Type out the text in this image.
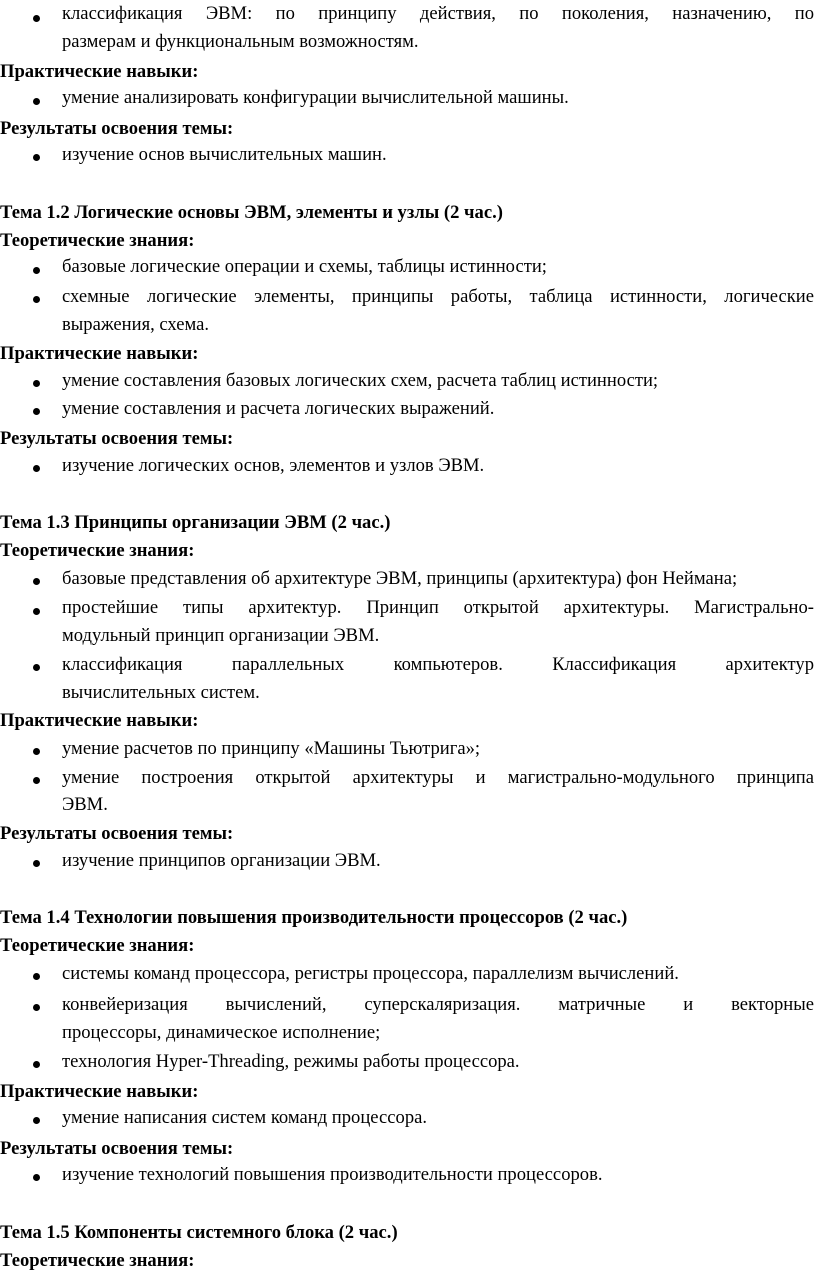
классификация ЭВМ: по принципу действия, по поколения, назначению, по
размерам и функциональным возможностям.
Практические навыки:
умение анализировать конфигурации вычислительной машины.
Результаты освоения темы:
изучение основ вычислительных машин.
Тема 1.2 Логические основы ЭВМ, элементы и узлы (2 час.)
Теоретические знания:
базовые логические операции и схемы, таблицы истинности;
схемные логические элементы, принципы работы, таблица истинности, логические
выражения, схема.
Практические навыки:
умение составления базовых логических схем, расчета таблиц истинности;
умение составления и расчета логических выражений.
Результаты освоения темы:
изучение логических основ, элементов и узлов ЭВМ.
Тема 1.3 Принципы организации ЭВМ (2 час.)
Теоретические знания:
базовые представления об архитектуре ЭВМ, принципы (архитектура) фон Неймана;
простейшие типы архитектур. Принцип открытой архитектуры. Магистрально-
модульный принцип организации ЭВМ.
классификация параллельных компьютеров. Классификация архитектур
вычислительных систем.
Практические навыки:
умение расчетов по принципу «Машины Тьютрига»;
умение построения открытой архитектуры и магистрально-модульного принципа
ЭВМ.
Результаты освоения темы:
изучение принципов организации ЭВМ.
Тема 1.4 Технологии повышения производительности процессоров (2 час.)
Теоретические знания:
системы команд процессора, регистры процессора, параллелизм вычислений.
конвейеризация вычислений, суперскаляризация. матричные и векторные
процессоры, динамическое исполнение;
технология Hyper-Threading, режимы работы процессора.
Практические навыки:
умение написания систем команд процессора.
Результаты освоения темы:
изучение технологий повышения производительности процессоров.
Тема 1.5 Компоненты системного блока (2 час.)
Теоретические знания:
